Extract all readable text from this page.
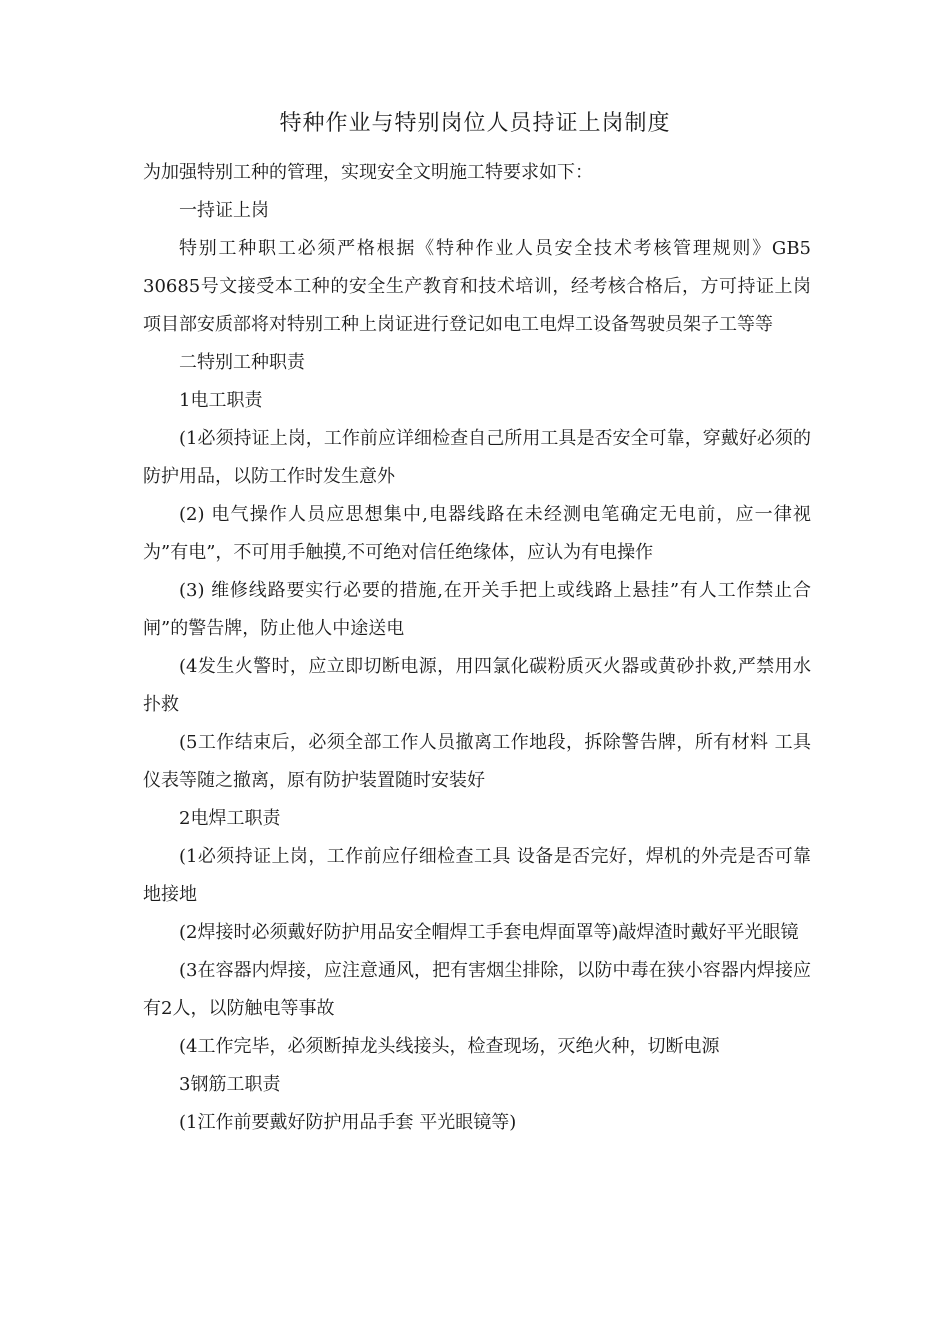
特种作业与特别岗位人员持证上岗制度

为加强特别工种的管理，实现安全文明施工特要求如下：

一持证上岗

特别工种职工必须严格根据《特种作业人员安全技术考核管理规则》GB5 30685号文接受本工种的安全生产教育和技术培训，经考核合格后，方可持证上岗项目部安质部将对特别工种上岗证进行登记如电工电焊工设备驾驶员架子工等等

二特别工种职责

1电工职责

(1必须持证上岗，工作前应详细检查自己所用工具是否安全可靠，穿戴好必须的防护用品，以防工作时发生意外

(2) 电气操作人员应思想集中,电器线路在未经测电笔确定无电前，应一律视为”有电”，不可用手触摸,不可绝对信任绝缘体，应认为有电操作

(3) 维修线路要实行必要的措施,在开关手把上或线路上悬挂”有人工作禁止合闸”的警告牌，防止他人中途送电

(4发生火警时，应立即切断电源，用四氯化碳粉质灭火器或黄砂扑救,严禁用水扑救

(5工作结束后，必须全部工作人员撤离工作地段，拆除警告牌，所有材料 工具仪表等随之撤离，原有防护装置随时安装好

2电焊工职责

(1必须持证上岗，工作前应仔细检查工具 设备是否完好，焊机的外壳是否可靠地接地

(2焊接时必须戴好防护用品安全帽焊工手套电焊面罩等)敲焊渣时戴好平光眼镜

(3在容器内焊接，应注意通风，把有害烟尘排除，以防中毒在狭小容器内焊接应有2人，以防触电等事故

(4工作完毕，必须断掉龙头线接头，检查现场，灭绝火种，切断电源

3钢筋工职责

(1江作前要戴好防护用品手套 平光眼镜等)
